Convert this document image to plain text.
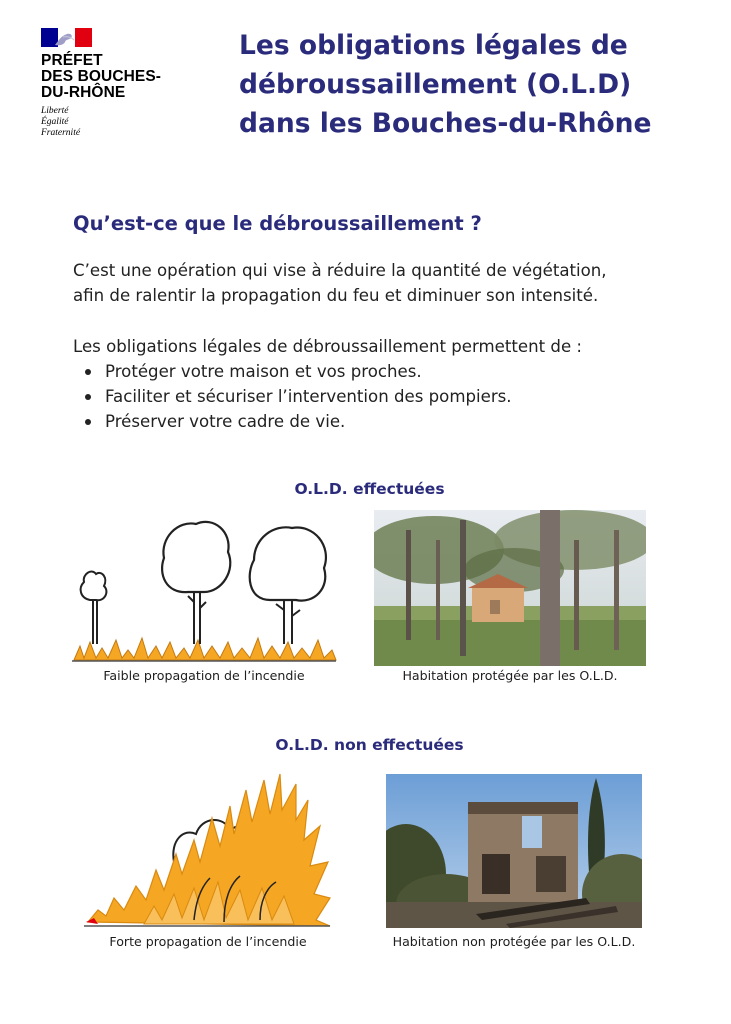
PRÉFET
DES BOUCHES-
DU-RHÔNE
Liberté
Égalité
Fraternité
Les obligations légales de
débroussaillement (O.L.D)
dans les Bouches-du-Rhône
Qu’est-ce que le débroussaillement ?
C’est une opération qui vise à réduire la quantité de végétation,
afin de ralentir la propagation du feu et diminuer son intensité.
Les obligations légales de débroussaillement permettent de :
Protéger votre maison et vos proches.
Faciliter et sécuriser l’intervention des pompiers.
Préserver votre cadre de vie.
O.L.D. effectuées
Faible propagation de l’incendie	Habitation protégée par les O.L.D.
O.L.D. non effectuées
Forte propagation de l’incendie	Habitation non protégée par les O.L.D.
